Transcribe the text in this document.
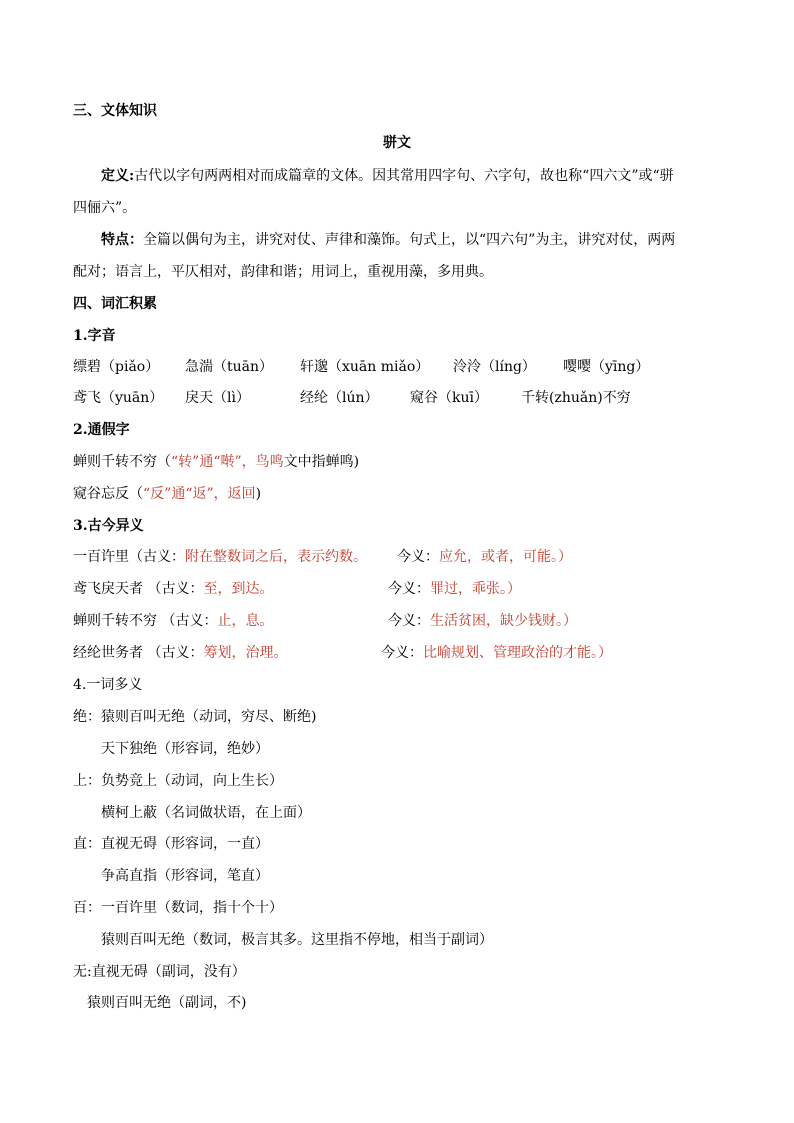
三、文体知识
骈文
定义:古代以字句两两相对而成篇章的文体。因其常用四字句、六字句，故也称“四六文”或“骈
四俪六”。
特点：全篇以偶句为主，讲究对仗、声律和藻饰。句式上，以“四六句”为主，讲究对仗，两两
配对；语言上，平仄相对，韵律和谐；用词上，重视用藻，多用典。
四、词汇积累
1.字音
缥碧（piǎo） 急湍（tuān） 轩邈（xuān miǎo） 泠泠（líng） 嘤嘤（yīng）
鸢飞（yuān） 戾天（lì）	经纶（lún） 窥谷（kuī） 千转(zhuǎn)不穷
2.通假字
蝉则千转不穷（“转”通“啭”，鸟鸣文中指蝉鸣)
窥谷忘反（“反”通“返”，返回)
3.古今异义
一百许里（古义：附在整数词之后，表示约数。 今义：应允，或者，可能。）
鸢飞戾天者 （古义：至，到达。	今义：罪过，乖张。）
蝉则千转不穷 （古义：止，息。	今义：生活贫困，缺少钱财。）
经纶世务者 （古义：筹划，治理。	今义：比喻规划、管理政治的才能。）
4.一词多义
绝：猿则百叫无绝（动词，穷尽、断绝)
天下独绝（形容词，绝妙）
上：负势竞上（动词，向上生长）
横柯上蔽（名词做状语，在上面）
直：直视无碍（形容词，一直）
争高直指（形容词，笔直）
百：一百许里（数词，指十个十）
猿则百叫无绝（数词，极言其多。这里指不停地，相当于副词）
无:直视无碍（副词，没有）
猿则百叫无绝（副词，不)
